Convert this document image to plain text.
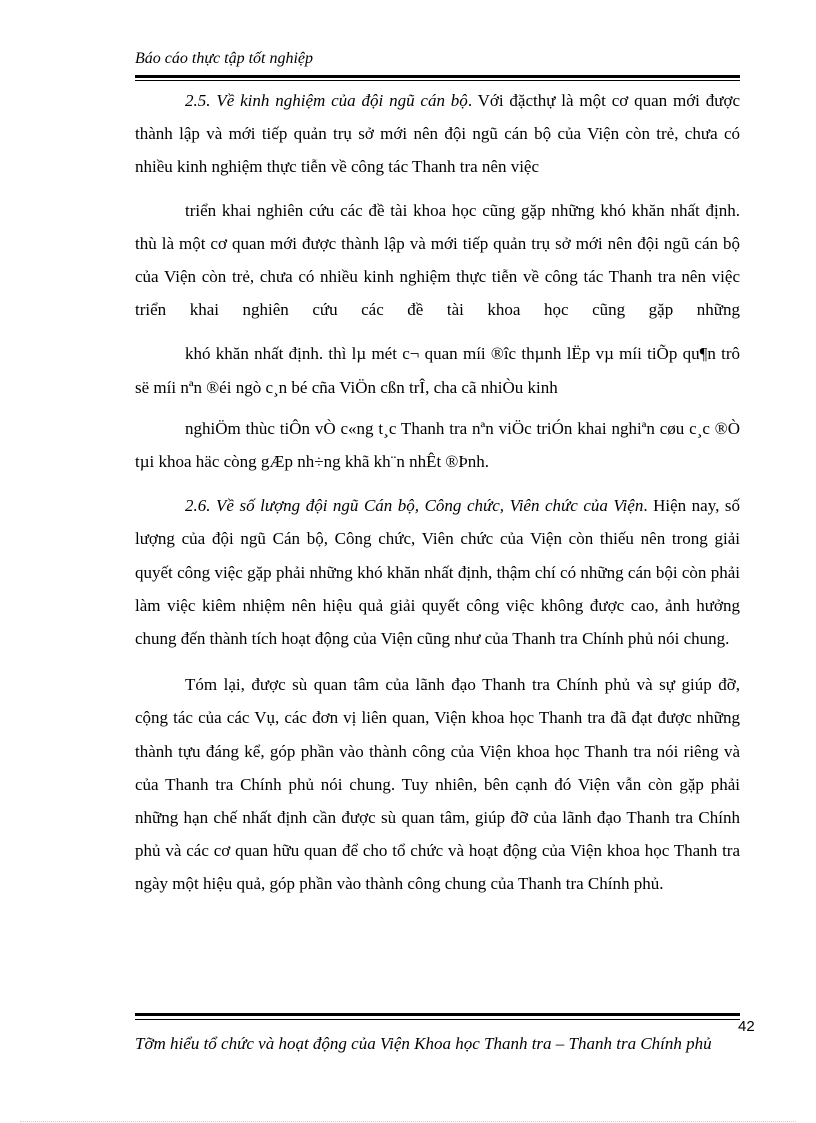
Báo cáo thực tập tốt nghiệp

2.5. Về kinh nghiệm của đội ngũ cán bộ. Với đặcthự là một cơ quan mới được thành lập và mới tiếp quản trụ sở mới nên đội ngũ cán bộ của Viện còn trẻ, chưa có nhiều kinh nghiệm thực tiễn về công tác Thanh tra nên việc

triển khai nghiên cứu các đề tài khoa học cũng gặp những khó khăn nhất định. thù là một cơ quan mới được thành lập và mới tiếp quản trụ sở mới nên đội ngũ cán bộ của Viện còn trẻ, chưa có nhiều kinh nghiệm thực tiễn về công tác Thanh tra nên việc triển khai nghiên cứu các đề tài khoa học cũng gặp những

khó khăn nhất định. thì lµ mét c¬ quan míi ®îc thµnh lËp vµ míi tiÕp qu¶n trô së míi nªn ®éi ngò c¸n bé cña ViÖn cßn trÎ, cha cã nhiÒu kinh

nghiÖm thùc tiÔn vÒ c«ng t¸c Thanh tra nªn viÖc triÓn khai nghiªn cøu c¸c ®Ò tµi khoa häc còng gÆp nh÷ng khã kh¨n nhÊt ®Þnh.

2.6. Về số lượng đội ngũ Cán bộ, Công chức, Viên chức của Viện. Hiện nay, số lượng của đội ngũ Cán bộ, Công chức, Viên chức của Viện còn thiếu nên trong giải quyết công việc gặp phải những khó khăn nhất định, thậm chí có những cán bội còn phải làm việc kiêm nhiệm nên hiệu quả giải quyết công việc không được cao, ảnh hưởng chung đến thành tích hoạt động của Viện cũng như của Thanh tra Chính phủ nói chung.

Tóm lại, được sù quan tâm của lãnh đạo Thanh tra Chính phủ và sự giúp đỡ, cộng tác của các Vụ, các đơn vị liên quan, Viện khoa học Thanh tra đã đạt được những thành tựu đáng kể, góp phần vào thành công của Viện khoa học Thanh tra nói riêng và của Thanh tra Chính phủ nói chung. Tuy nhiên, bên cạnh đó Viện vẫn còn gặp phải những hạn chế nhất định cần được sù quan tâm, giúp đỡ của lãnh đạo Thanh tra Chính phủ và các cơ quan hữu quan để cho tổ chức và hoạt động của Viện khoa học Thanh tra ngày một hiệu quả, góp phần vào thành công chung của Thanh tra Chính phủ.

42
Tỡm hiểu tổ chức và hoạt động của Viện Khoa học Thanh tra – Thanh tra Chính phủ
